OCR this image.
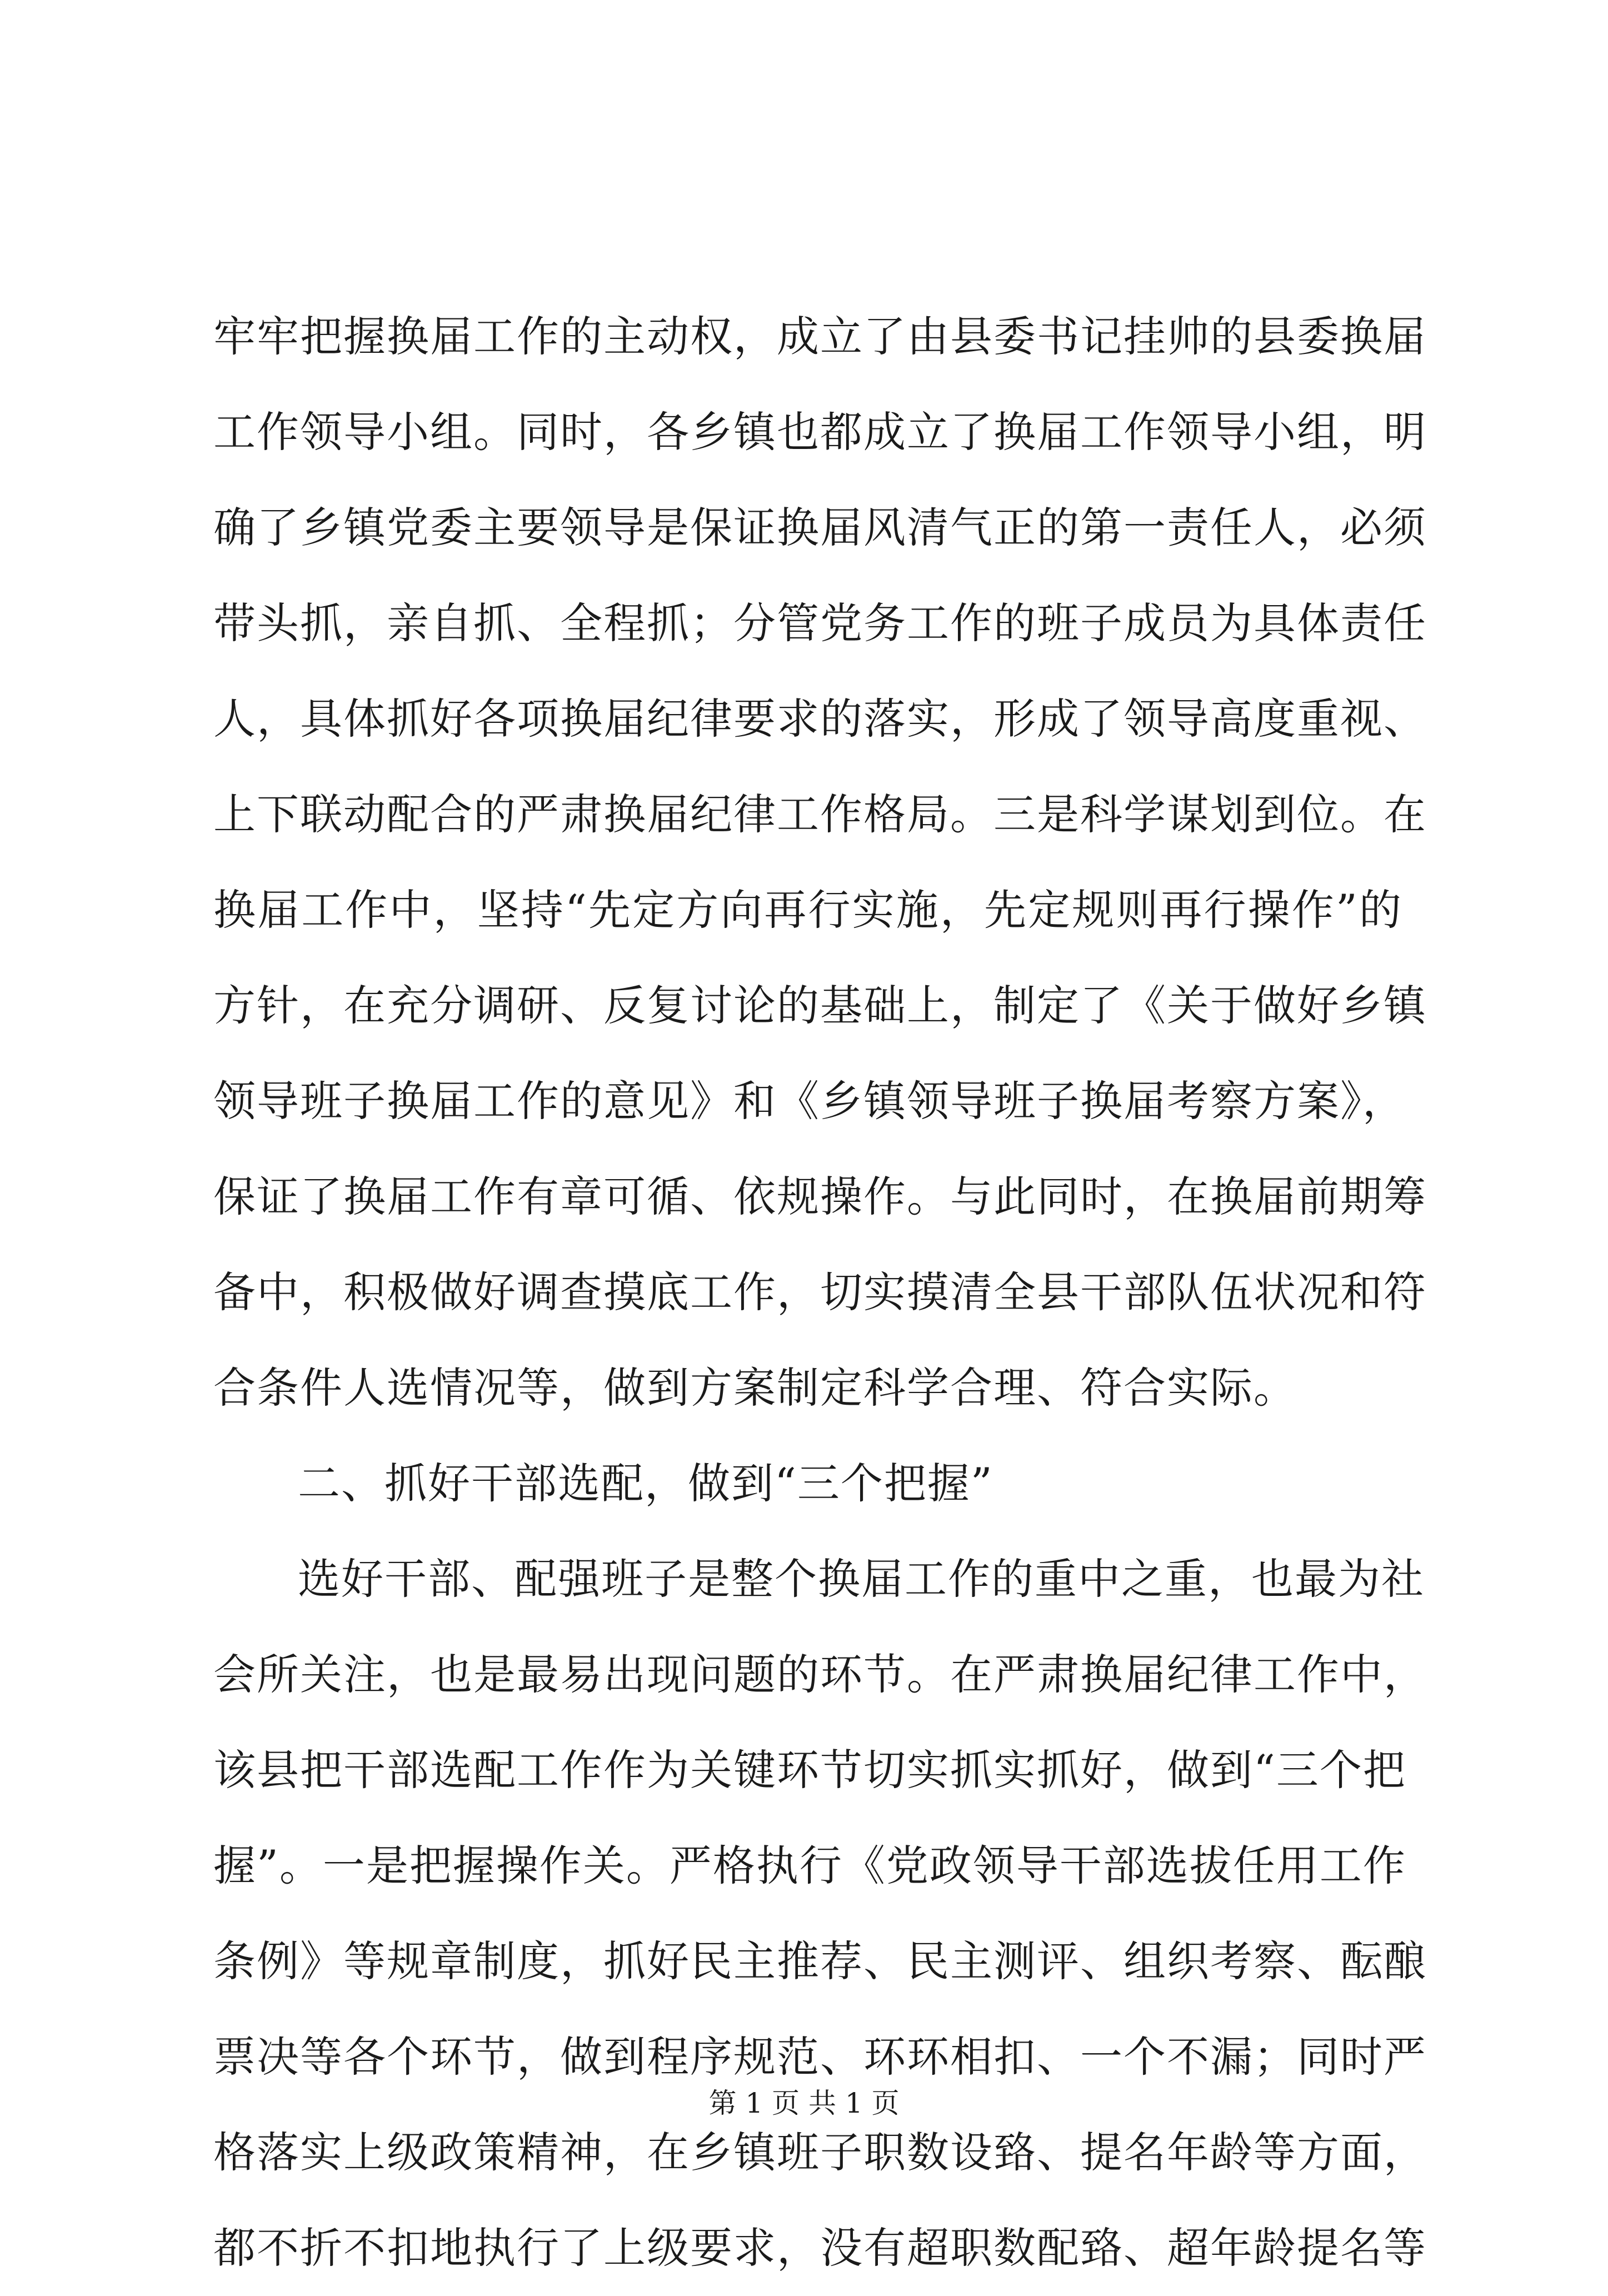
牢牢把握换届工作的主动权，成立了由县委书记挂帅的县委换届
工作领导小组。同时，各乡镇也都成立了换届工作领导小组，明
确了乡镇党委主要领导是保证换届风清气正的第一责任人，必须
带头抓，亲自抓、全程抓；分管党务工作的班子成员为具体责任
人，具体抓好各项换届纪律要求的落实，形成了领导高度重视、
上下联动配合的严肃换届纪律工作格局。三是科学谋划到位。在
换届工作中，坚持“先定方向再行实施，先定规则再行操作”的
方针，在充分调研、反复讨论的基础上，制定了《关于做好乡镇
领导班子换届工作的意见》和《乡镇领导班子换届考察方案》，
保证了换届工作有章可循、依规操作。与此同时，在换届前期筹
备中，积极做好调查摸底工作，切实摸清全县干部队伍状况和符
合条件人选情况等，做到方案制定科学合理、符合实际。
二、抓好干部选配，做到“三个把握”
选好干部、配强班子是整个换届工作的重中之重，也最为社
会所关注，也是最易出现问题的环节。在严肃换届纪律工作中，
该县把干部选配工作作为关键环节切实抓实抓好，做到“三个把
握”。一是把握操作关。严格执行《党政领导干部选拔任用工作
条例》等规章制度，抓好民主推荐、民主测评、组织考察、酝酿
票决等各个环节，做到程序规范、环环相扣、一个不漏；同时严
格落实上级政策精神，在乡镇班子职数设臵、提名年龄等方面，
都不折不扣地执行了上级要求，没有超职数配臵、超年龄提名等
第 1 页 共 1 页
